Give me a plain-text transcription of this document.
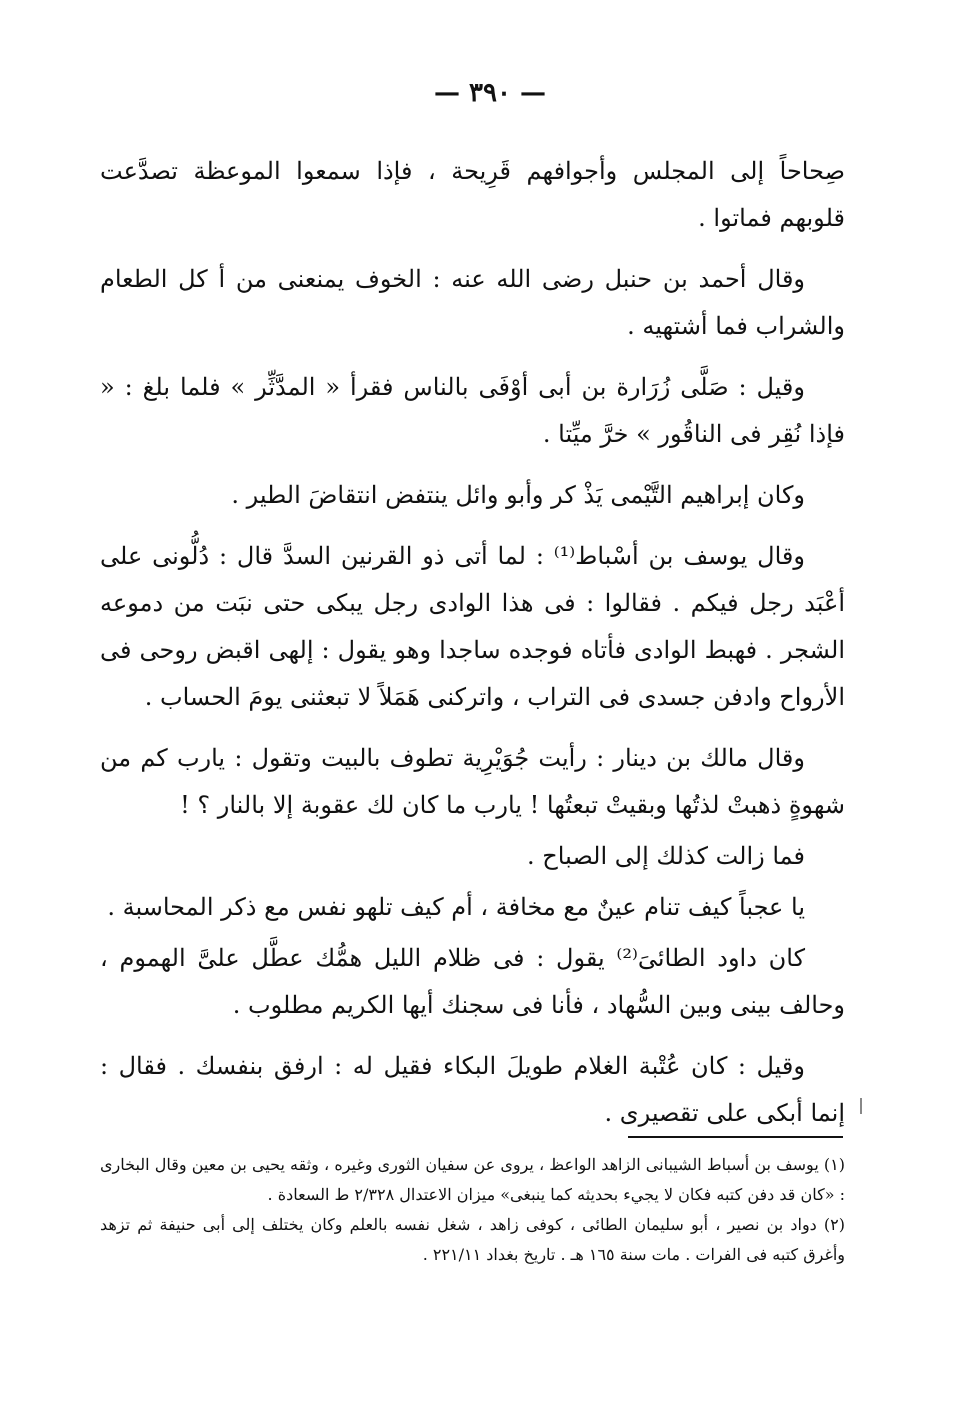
— ٣٩٠ —

صِحاحاً إلى المجلس وأجوافهم قَرِيحة ، فإذا سمعوا الموعظة تصدَّعت قلوبهم فماتوا .

وقال أحمد بن حنبل رضى الله عنه : الخوف يمنعنى من أ كل الطعام والشراب فما أشتهيه .

وقيل : صَلَّى زُرَارة بن أبى أوْفَى بالناس فقرأ « المدَّثِّر » فلما بلغ : « فإذا نُقِر فى الناقُور » خرَّ ميِّتا .

وكان إبراهيم التَّيْمى يَذْ كر وأبو وائل ينتفض انتقاضَ الطير .

وقال يوسف بن أسْباط⁽¹⁾ : لما أتى ذو القرنين السدَّ قال : دُلُّونى على أعْبَد رجل فيكم . فقالوا : فى هذا الوادى رجل يبكى حتى نبَت من دموعه الشجر . فهبط الوادى فأتاه فوجده ساجدا وهو يقول : إلهى اقبض روحى فى الأرواح وادفن جسدى فى التراب ، واتركنى هَمَلاً لا تبعثنى يومَ الحساب .

وقال مالك بن دينار : رأيت جُوَيْرِية تطوف بالبيت وتقول : يارب كم من شهوةٍ ذهبتْ لذتُها وبقيتْ تبعتُها ! يارب ما كان لك عقوبة إلا بالنار ؟ !

فما زالت كذلك إلى الصباح .

يا عجباً كيف تنام عينٌ مع مخافة ، أم كيف تلهو نفس مع ذكر المحاسبة .

كان داود الطائىَ⁽²⁾ يقول : فى ظلام الليل همُّك عطَّل علىَّ الهموم ، وحالف بينى وبين السُّهاد ، فأنا فى سجنك أيها الكريم مطلوب .

وقيل : كان عُتْبة الغلام طويلَ البكاء فقيل له : ارفق بنفسك . فقال : إنما أبكى على تقصيرى .

(١) يوسف بن أسباط الشيبانى الزاهد الواعظ ، يروى عن سفيان الثورى وغيره ، وثقه يحيى بن معين وقال البخارى : «كان قد دفن كتبه فكان لا يجيء بحديثه كما ينبغى» ميزان الاعتدال ٢/٣٢٨ ط السعادة .

(٢) دواد بن نصير ، أبو سليمان الطائى ، كوفى زاهد ، شغل نفسه بالعلم وكان يختلف إلى أبى حنيفة ثم تزهد وأغرق كتبه فى الفرات . مات سنة ١٦٥ هـ . تاريخ بغداد ٢٢١/١١ .
